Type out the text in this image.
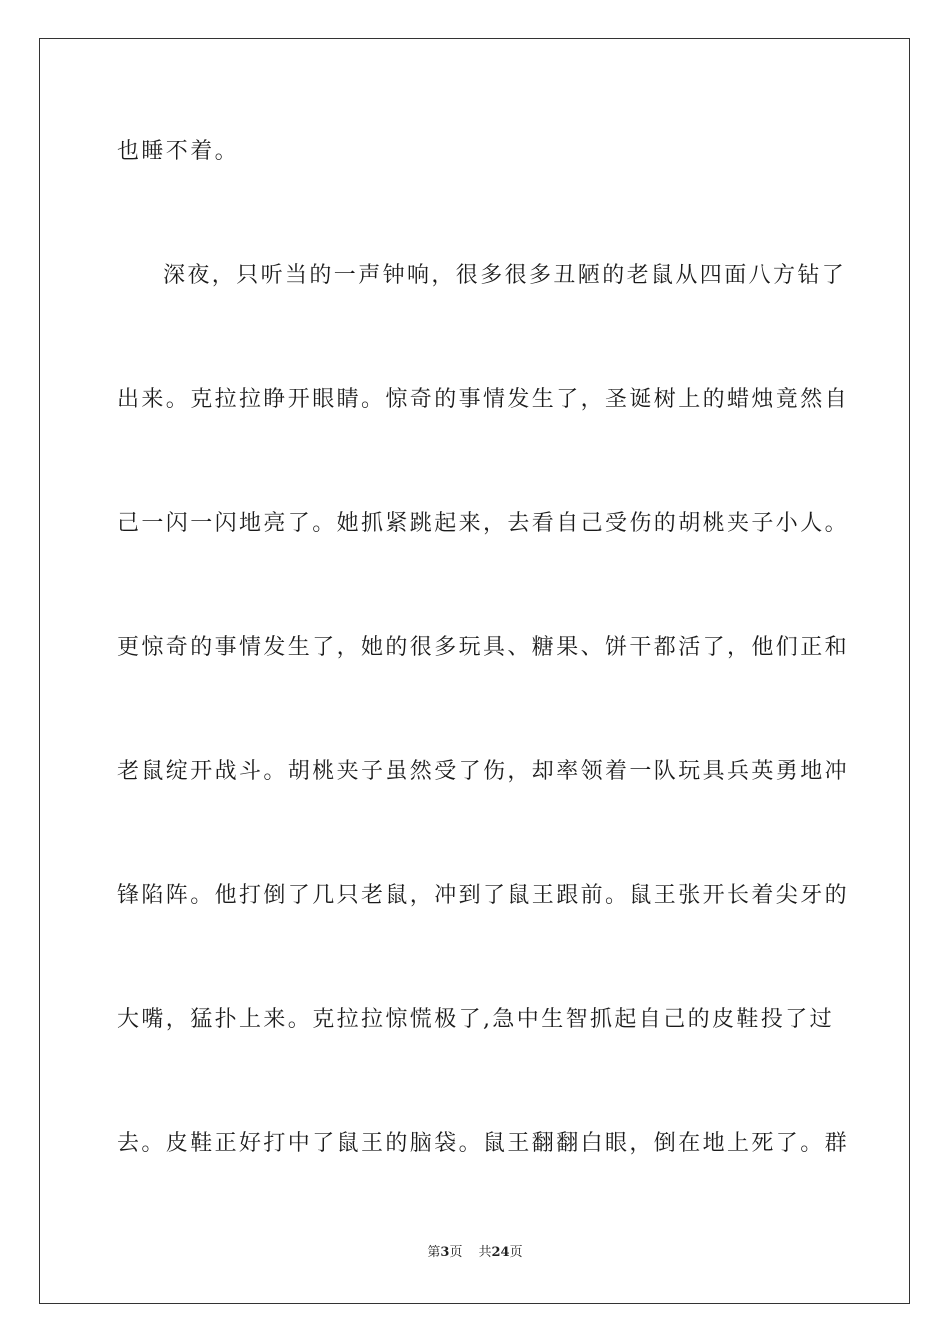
也睡不着。
深夜，只听当的一声钟响，很多很多丑陋的老鼠从四面八方钻了
出来。克拉拉睁开眼睛。惊奇的事情发生了，圣诞树上的蜡烛竟然自
己一闪一闪地亮了。她抓紧跳起来，去看自己受伤的胡桃夹子小人。
更惊奇的事情发生了，她的很多玩具、糖果、饼干都活了，他们正和
老鼠绽开战斗。胡桃夹子虽然受了伤，却率领着一队玩具兵英勇地冲
锋陷阵。他打倒了几只老鼠，冲到了鼠王跟前。鼠王张开长着尖牙的
大嘴，猛扑上来。克拉拉惊慌极了,急中生智抓起自己的皮鞋投了过
去。皮鞋正好打中了鼠王的脑袋。鼠王翻翻白眼，倒在地上死了。群
第3页 共24页
